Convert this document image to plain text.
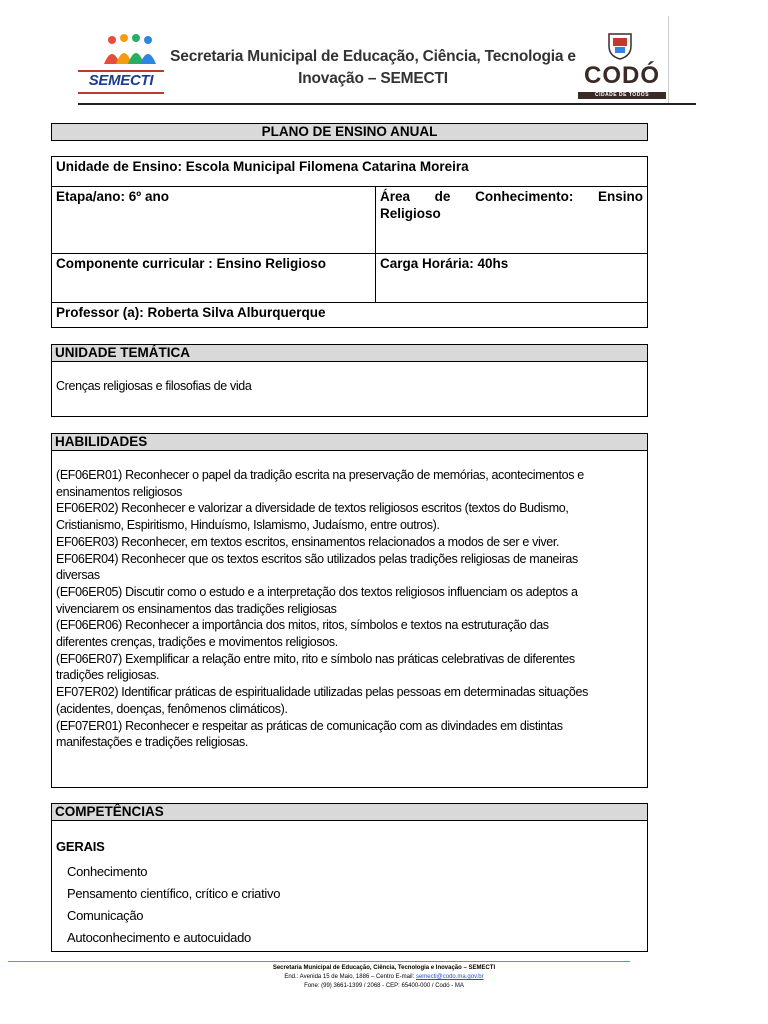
SEMECTI
Secretaria Municipal de Educação, Ciência, Tecnologia e
Inovação – SEMECTI	CODÓ
CIDADE DE TODOS
PLANO DE ENSINO ANUAL
Unidade de Ensino: Escola Municipal Filomena Catarina Moreira
Etapa/ano: 6º ano	Área de Conhecimento: Ensino
Religioso
Componente curricular : Ensino Religioso	Carga Horária: 40hs
Professor (a): Roberta Silva Alburquerque
UNIDADE TEMÁTICA
Crenças religiosas e filosofias de vida
HABILIDADES
(EF06ER01) Reconhecer o papel da tradição escrita na preservação de memórias, acontecimentos e
ensinamentos religiosos
EF06ER02) Reconhecer e valorizar a diversidade de textos religiosos escritos (textos do Budismo,
Cristianismo, Espiritismo, Hinduísmo, Islamismo, Judaísmo, entre outros).
EF06ER03) Reconhecer, em textos escritos, ensinamentos relacionados a modos de ser e viver.
EF06ER04) Reconhecer que os textos escritos são utilizados pelas tradições religiosas de maneiras
diversas
(EF06ER05) Discutir como o estudo e a interpretação dos textos religiosos influenciam os adeptos a
vivenciarem os ensinamentos das tradições religiosas
(EF06ER06) Reconhecer a importância dos mitos, ritos, símbolos e textos na estruturação das
diferentes crenças, tradições e movimentos religiosos.
(EF06ER07) Exemplificar a relação entre mito, rito e símbolo nas práticas celebrativas de diferentes
tradições religiosas.
EF07ER02) Identificar práticas de espiritualidade utilizadas pelas pessoas em determinadas situações
(acidentes, doenças, fenômenos climáticos).
(EF07ER01) Reconhecer e respeitar as práticas de comunicação com as divindades em distintas
manifestações e tradições religiosas.
COMPETÊNCIAS
GERAIS
Conhecimento
Pensamento científico, crítico e criativo
Comunicação
Autoconhecimento e autocuidado
Secretaria Municipal de Educação, Ciência, Tecnologia e Inovação – SEMECTI
End.: Avenida 15 de Maio, 1886 – Centro E-mail: semecti@codo.ma.gov.br
Fone: (99) 3661-1399 / 2068 - CEP: 65400-000 / Codó - MA
